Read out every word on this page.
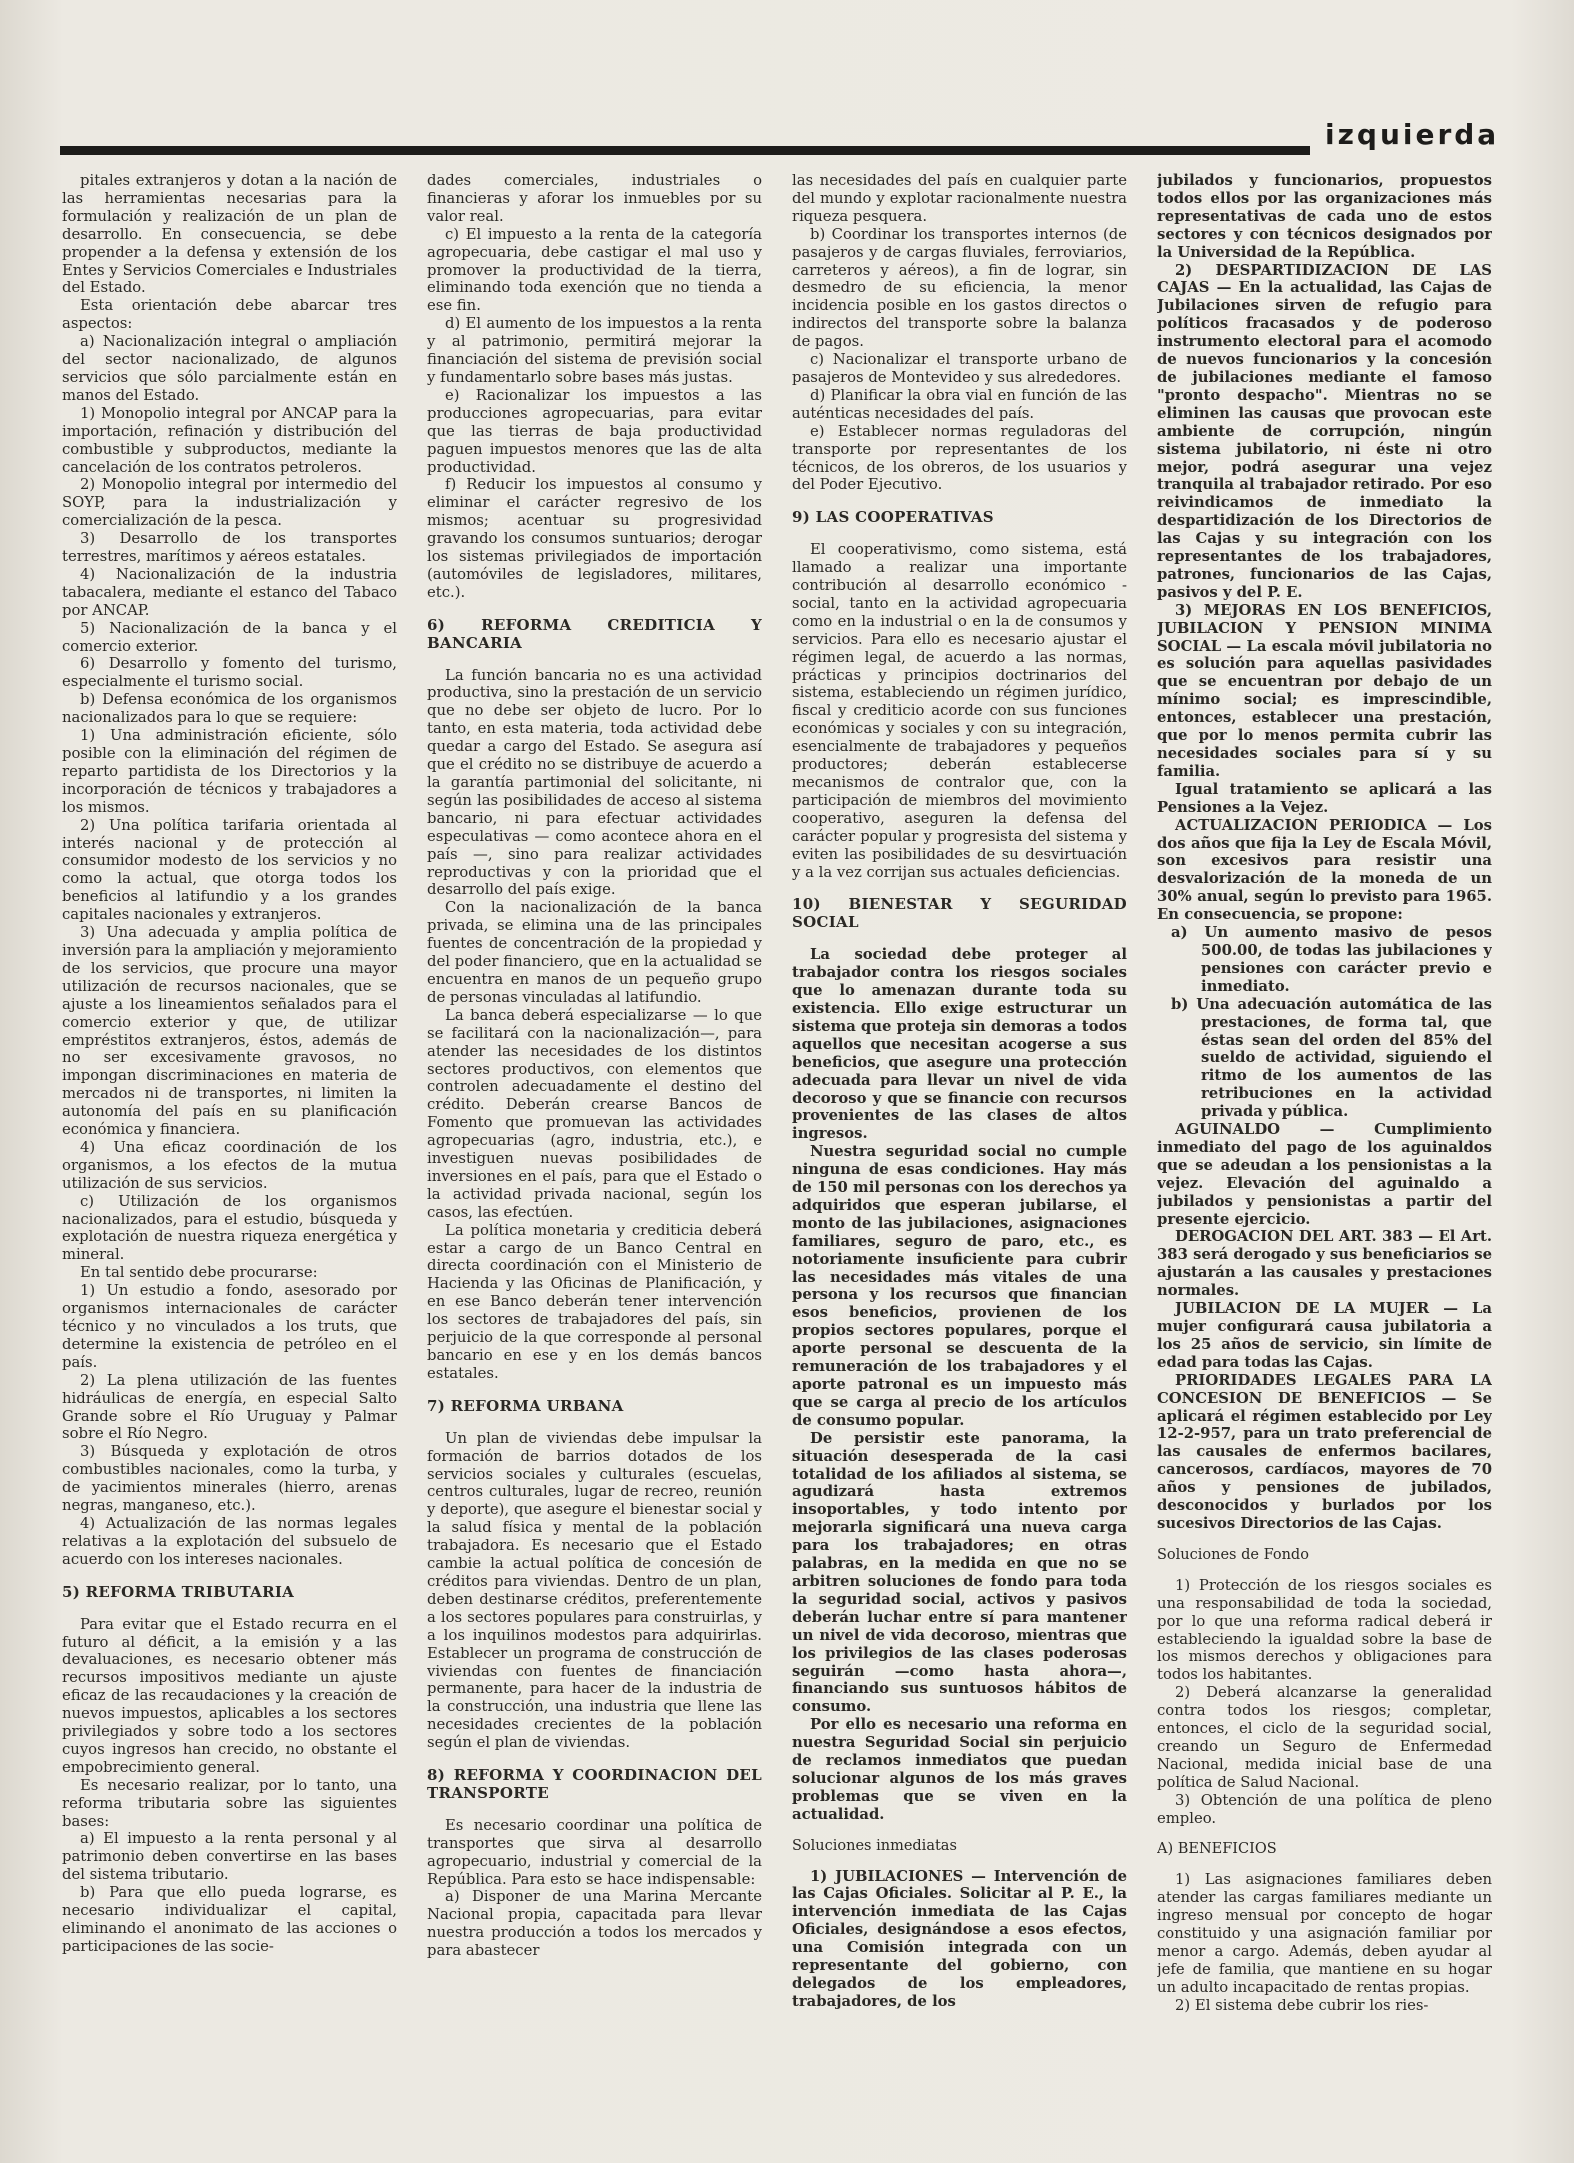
izquierda

pitales extranjeros y dotan a la nación de las herramientas necesarias para la formulación y realización de un plan de desarrollo. En consecuencia, se debe propender a la defensa y extensión de los Entes y Servicios Comerciales e Industriales del Estado.

Esta orientación debe abarcar tres aspectos:

a) Nacionalización integral o ampliación del sector nacionalizado, de algunos servicios que sólo parcialmente están en manos del Estado.

1) Monopolio integral por ANCAP para la importación, refinación y distribución del combustible y subproductos, mediante la cancelación de los contratos petroleros.

2) Monopolio integral por intermedio del SOYP, para la industrialización y comercialización de la pesca.

3) Desarrollo de los transportes terrestres, marítimos y aéreos estatales.

4) Nacionalización de la industria tabacalera, mediante el estanco del Tabaco por ANCAP.

5) Nacionalización de la banca y el comercio exterior.

6) Desarrollo y fomento del turismo, especialmente el turismo social.

b) Defensa económica de los organismos nacionalizados para lo que se requiere:

1) Una administración eficiente, sólo posible con la eliminación del régimen de reparto partidista de los Directorios y la incorporación de técnicos y trabajadores a los mismos.

2) Una política tarifaria orientada al interés nacional y de protección al consumidor modesto de los servicios y no como la actual, que otorga todos los beneficios al latifundio y a los grandes capitales nacionales y extranjeros.

3) Una adecuada y amplia política de inversión para la ampliación y mejoramiento de los servicios, que procure una mayor utilización de recursos nacionales, que se ajuste a los lineamientos señalados para el comercio exterior y que, de utilizar empréstitos extranjeros, éstos, además de no ser excesivamente gravosos, no impongan discriminaciones en materia de mercados ni de transportes, ni limiten la autonomía del país en su planificación económica y financiera.

4) Una eficaz coordinación de los organismos, a los efectos de la mutua utilización de sus servicios.

c) Utilización de los organismos nacionalizados, para el estudio, búsqueda y explotación de nuestra riqueza energética y mineral.

En tal sentido debe procurarse:

1) Un estudio a fondo, asesorado por organismos internacionales de carácter técnico y no vinculados a los truts, que determine la existencia de petróleo en el país.

2) La plena utilización de las fuentes hidráulicas de energía, en especial Salto Grande sobre el Río Uruguay y Palmar sobre el Río Negro.

3) Búsqueda y explotación de otros combustibles nacionales, como la turba, y de yacimientos minerales (hierro, arenas negras, manganeso, etc.).

4) Actualización de las normas legales relativas a la explotación del subsuelo de acuerdo con los intereses nacionales.

5) REFORMA TRIBUTARIA

Para evitar que el Estado recurra en el futuro al déficit, a la emisión y a las devaluaciones, es necesario obtener más recursos impositivos mediante un ajuste eficaz de las recaudaciones y la creación de nuevos impuestos, aplicables a los sectores privilegiados y sobre todo a los sectores cuyos ingresos han crecido, no obstante el empobrecimiento general.

Es necesario realizar, por lo tanto, una reforma tributaria sobre las siguientes bases:

a) El impuesto a la renta personal y al patrimonio deben convertirse en las bases del sistema tributario.

b) Para que ello pueda lograrse, es necesario individualizar el capital, eliminando el anonimato de las acciones o participaciones de las socie-

dades comerciales, industriales o financieras y aforar los inmuebles por su valor real.

c) El impuesto a la renta de la categoría agropecuaria, debe castigar el mal uso y promover la productividad de la tierra, eliminando toda exención que no tienda a ese fin.

d) El aumento de los impuestos a la renta y al patrimonio, permitirá mejorar la financiación del sistema de previsión social y fundamentarlo sobre bases más justas.

e) Racionalizar los impuestos a las producciones agropecuarias, para evitar que las tierras de baja productividad paguen impuestos menores que las de alta productividad.

f) Reducir los impuestos al consumo y eliminar el carácter regresivo de los mismos; acentuar su progresividad gravando los consumos suntuarios; derogar los sistemas privilegiados de importación (automóviles de legisladores, militares, etc.).

6) REFORMA CREDITICIA Y BANCARIA

La función bancaria no es una actividad productiva, sino la prestación de un servicio que no debe ser objeto de lucro. Por lo tanto, en esta materia, toda actividad debe quedar a cargo del Estado. Se asegura así que el crédito no se distribuye de acuerdo a la garantía partimonial del solicitante, ni según las posibilidades de acceso al sistema bancario, ni para efectuar actividades especulativas — como acontece ahora en el país —, sino para realizar actividades reproductivas y con la prioridad que el desarrollo del país exige.

Con la nacionalización de la banca privada, se elimina una de las principales fuentes de concentración de la propiedad y del poder financiero, que en la actualidad se encuentra en manos de un pequeño grupo de personas vinculadas al latifundio.

La banca deberá especializarse — lo que se facilitará con la nacionalización—, para atender las necesidades de los distintos sectores productivos, con elementos que controlen adecuadamente el destino del crédito. Deberán crearse Bancos de Fomento que promuevan las actividades agropecuarias (agro, industria, etc.), e investiguen nuevas posibilidades de inversiones en el país, para que el Estado o la actividad privada nacional, según los casos, las efectúen.

La política monetaria y crediticia deberá estar a cargo de un Banco Central en directa coordinación con el Ministerio de Hacienda y las Oficinas de Planificación, y en ese Banco deberán tener intervención los sectores de trabajadores del país, sin perjuicio de la que corresponde al personal bancario en ese y en los demás bancos estatales.

7) REFORMA URBANA

Un plan de viviendas debe impulsar la formación de barrios dotados de los servicios sociales y culturales (escuelas, centros culturales, lugar de recreo, reunión y deporte), que asegure el bienestar social y la salud física y mental de la población trabajadora. Es necesario que el Estado cambie la actual política de concesión de créditos para viviendas. Dentro de un plan, deben destinarse créditos, preferentemente a los sectores populares para construirlas, y a los inquilinos modestos para adquirirlas. Establecer un programa de construcción de viviendas con fuentes de financiación permanente, para hacer de la industria de la construcción, una industria que llene las necesidades crecientes de la población según el plan de viviendas.

8) REFORMA Y COORDINACION DEL TRANSPORTE

Es necesario coordinar una política de transportes que sirva al desarrollo agropecuario, industrial y comercial de la República. Para esto se hace indispensable:

a) Disponer de una Marina Mercante Nacional propia, capacitada para llevar nuestra producción a todos los mercados y para abastecer

las necesidades del país en cualquier parte del mundo y explotar racionalmente nuestra riqueza pesquera.

b) Coordinar los transportes internos (de pasajeros y de cargas fluviales, ferroviarios, carreteros y aéreos), a fin de lograr, sin desmedro de su eficiencia, la menor incidencia posible en los gastos directos o indirectos del transporte sobre la balanza de pagos.

c) Nacionalizar el transporte urbano de pasajeros de Montevideo y sus alrededores.

d) Planificar la obra vial en función de las auténticas necesidades del país.

e) Establecer normas reguladoras del transporte por representantes de los técnicos, de los obreros, de los usuarios y del Poder Ejecutivo.

9) LAS COOPERATIVAS

El cooperativismo, como sistema, está llamado a realizar una importante contribución al desarrollo económico - social, tanto en la actividad agropecuaria como en la industrial o en la de consumos y servicios. Para ello es necesario ajustar el régimen legal, de acuerdo a las normas, prácticas y principios doctrinarios del sistema, estableciendo un régimen jurídico, fiscal y crediticio acorde con sus funciones económicas y sociales y con su integración, esencialmente de trabajadores y pequeños productores; deberán establecerse mecanismos de contralor que, con la participación de miembros del movimiento cooperativo, aseguren la defensa del carácter popular y progresista del sistema y eviten las posibilidades de su desvirtuación y a la vez corrijan sus actuales deficiencias.

10) BIENESTAR Y SEGURIDAD SOCIAL

La sociedad debe proteger al trabajador contra los riesgos sociales que lo amenazan durante toda su existencia. Ello exige estructurar un sistema que proteja sin demoras a todos aquellos que necesitan acogerse a sus beneficios, que asegure una protección adecuada para llevar un nivel de vida decoroso y que se financie con recursos provenientes de las clases de altos ingresos.

Nuestra seguridad social no cumple ninguna de esas condiciones. Hay más de 150 mil personas con los derechos ya adquiridos que esperan jubilarse, el monto de las jubilaciones, asignaciones familiares, seguro de paro, etc., es notoriamente insuficiente para cubrir las necesidades más vitales de una persona y los recursos que financian esos beneficios, provienen de los propios sectores populares, porque el aporte personal se descuenta de la remuneración de los trabajadores y el aporte patronal es un impuesto más que se carga al precio de los artículos de consumo popular.

De persistir este panorama, la situación desesperada de la casi totalidad de los afiliados al sistema, se agudizará hasta extremos insoportables, y todo intento por mejorarla significará una nueva carga para los trabajadores; en otras palabras, en la medida en que no se arbitren soluciones de fondo para toda la seguridad social, activos y pasivos deberán luchar entre sí para mantener un nivel de vida decoroso, mientras que los privilegios de las clases poderosas seguirán —como hasta ahora—, financiando sus suntuosos hábitos de consumo.

Por ello es necesario una reforma en nuestra Seguridad Social sin perjuicio de reclamos inmediatos que puedan solucionar algunos de los más graves problemas que se viven en la actualidad.

Soluciones inmediatas

1) JUBILACIONES — Intervención de las Cajas Oficiales. Solicitar al P. E., la intervención inmediata de las Cajas Oficiales, designándose a esos efectos, una Comisión integrada con un representante del gobierno, con delegados de los empleadores, trabajadores, de los

jubilados y funcionarios, propuestos todos ellos por las organizaciones más representativas de cada uno de estos sectores y con técnicos designados por la Universidad de la República.

2) DESPARTIDIZACION DE LAS CAJAS — En la actualidad, las Cajas de Jubilaciones sirven de refugio para políticos fracasados y de poderoso instrumento electoral para el acomodo de nuevos funcionarios y la concesión de jubilaciones mediante el famoso "pronto despacho". Mientras no se eliminen las causas que provocan este ambiente de corrupción, ningún sistema jubilatorio, ni éste ni otro mejor, podrá asegurar una vejez tranquila al trabajador retirado. Por eso reivindicamos de inmediato la despartidización de los Directorios de las Cajas y su integración con los representantes de los trabajadores, patrones, funcionarios de las Cajas, pasivos y del P. E.

3) MEJORAS EN LOS BENEFICIOS, JUBILACION Y PENSION MINIMA SOCIAL — La escala móvil jubilatoria no es solución para aquellas pasividades que se encuentran por debajo de un mínimo social; es imprescindible, entonces, establecer una prestación, que por lo menos permita cubrir las necesidades sociales para sí y su familia.

Igual tratamiento se aplicará a las Pensiones a la Vejez.

ACTUALIZACION PERIODICA — Los dos años que fija la Ley de Escala Móvil, son excesivos para resistir una desvalorización de la moneda de un 30% anual, según lo previsto para 1965. En consecuencia, se propone:

a) Un aumento masivo de pesos 500.00, de todas las jubilaciones y pensiones con carácter previo e inmediato.

b) Una adecuación automática de las prestaciones, de forma tal, que éstas sean del orden del 85% del sueldo de actividad, siguiendo el ritmo de los aumentos de las retribuciones en la actividad privada y pública.

AGUINALDO — Cumplimiento inmediato del pago de los aguinaldos que se adeudan a los pensionistas a la vejez. Elevación del aguinaldo a jubilados y pensionistas a partir del presente ejercicio.

DEROGACION DEL ART. 383 — El Art. 383 será derogado y sus beneficiarios se ajustarán a las causales y prestaciones normales.

JUBILACION DE LA MUJER — La mujer configurará causa jubilatoria a los 25 años de servicio, sin límite de edad para todas las Cajas.

PRIORIDADES LEGALES PARA LA CONCESION DE BENEFICIOS — Se aplicará el régimen establecido por Ley 12-2-957, para un trato preferencial de las causales de enfermos bacilares, cancerosos, cardíacos, mayores de 70 años y pensiones de jubilados, desconocidos y burlados por los sucesivos Directorios de las Cajas.

Soluciones de Fondo

1) Protección de los riesgos sociales es una responsabilidad de toda la sociedad, por lo que una reforma radical deberá ir estableciendo la igualdad sobre la base de los mismos derechos y obligaciones para todos los habitantes.

2) Deberá alcanzarse la generalidad contra todos los riesgos; completar, entonces, el ciclo de la seguridad social, creando un Seguro de Enfermedad Nacional, medida inicial base de una política de Salud Nacional.

3) Obtención de una política de pleno empleo.

A) BENEFICIOS

1) Las asignaciones familiares deben atender las cargas familiares mediante un ingreso mensual por concepto de hogar constituido y una asignación familiar por menor a cargo. Además, deben ayudar al jefe de familia, que mantiene en su hogar un adulto incapacitado de rentas propias.

2) El sistema debe cubrir los ries-
